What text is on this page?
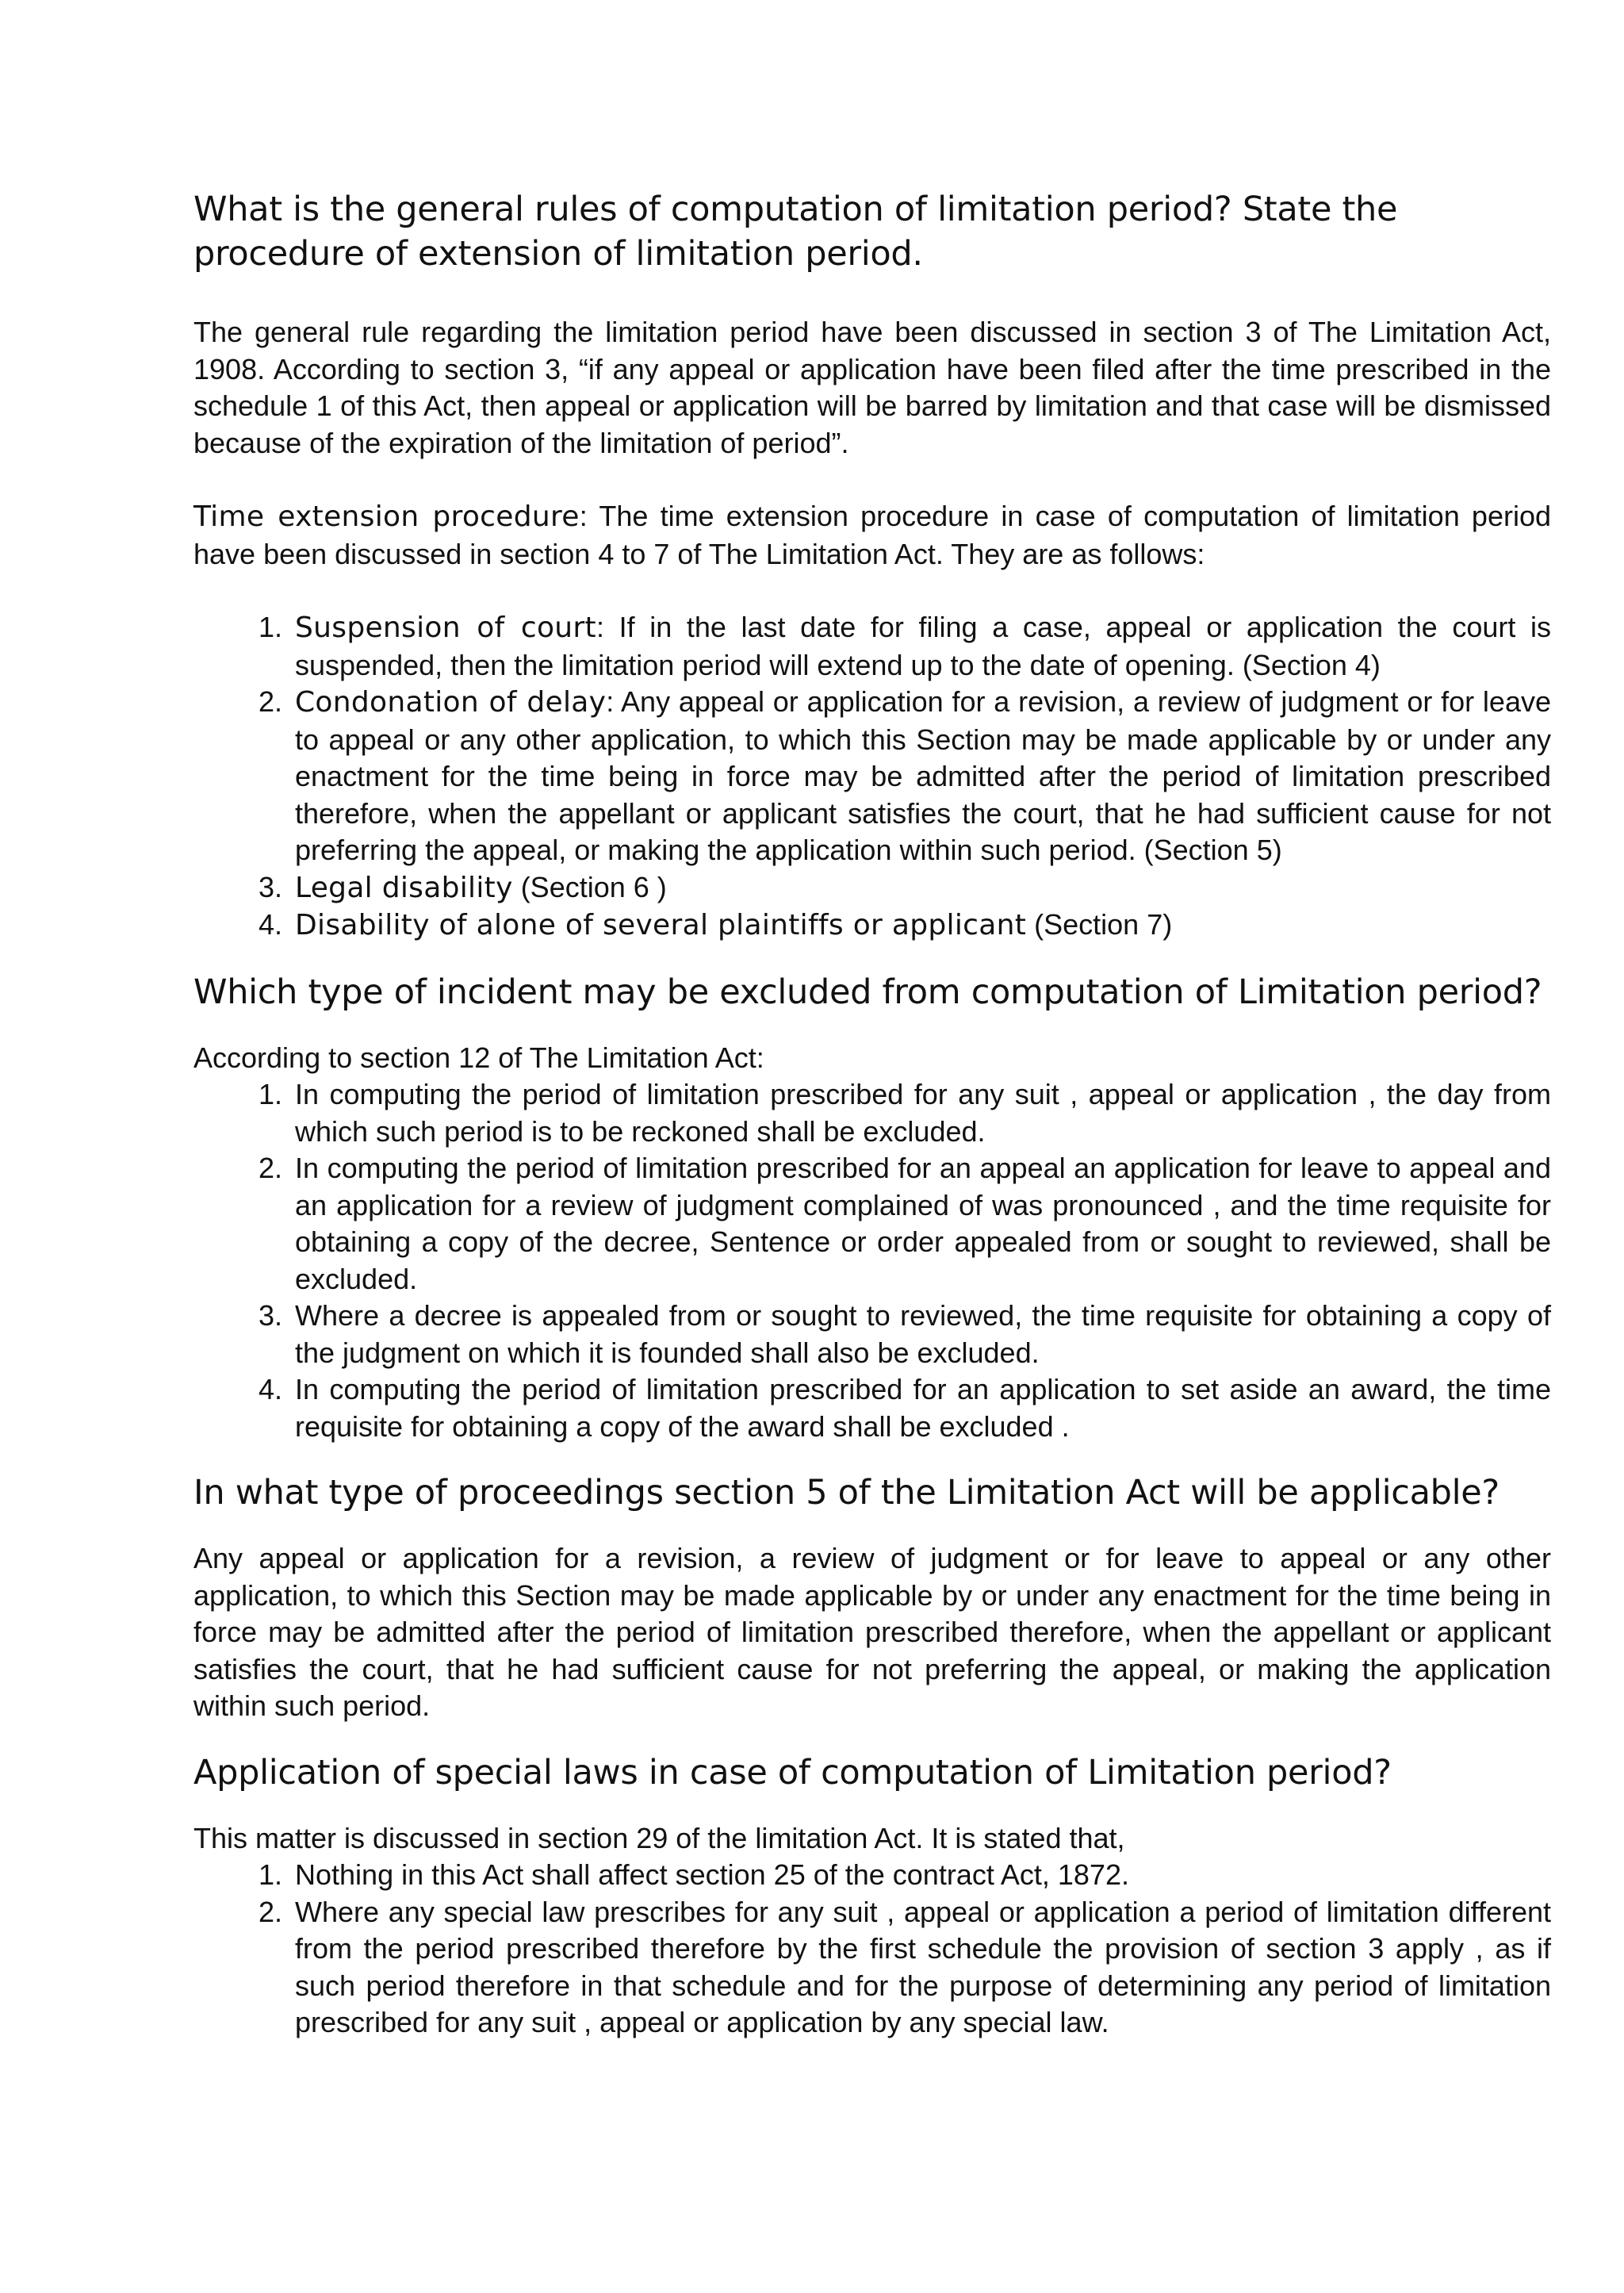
What is the general rules of computation of limitation period? State the procedure of extension of limitation period.

The general rule regarding the limitation period have been discussed in section 3 of The Limitation Act, 1908. According to section 3, “if any appeal or application have been filed after the time prescribed in the schedule 1 of this Act, then appeal or application will be barred by limitation and that case will be dismissed because of the expiration of the limitation of period”.

Time extension procedure: The time extension procedure in case of computation of limitation period have been discussed in section 4 to 7 of The Limitation Act. They are as follows:

1. Suspension of court: If in the last date for filing a case, appeal or application the court is suspended, then the limitation period will extend up to the date of opening. (Section 4)
2. Condonation of delay: Any appeal or application for a revision, a review of judgment or for leave to appeal or any other application, to which this Section may be made applicable by or under any enactment for the time being in force may be admitted after the period of limitation prescribed therefore, when the appellant or applicant satisfies the court, that he had sufficient cause for not preferring the appeal, or making the application within such period. (Section 5)
3. Legal disability (Section 6 )
4. Disability of alone of several plaintiffs or applicant (Section 7)
Which type of incident may be excluded from computation of Limitation period?

According to section 12 of The Limitation Act:

1. In computing the period of limitation prescribed for any suit , appeal or application , the day from which such period is to be reckoned shall be excluded.
2. In computing the period of limitation prescribed for an appeal an application for leave to appeal and an application for a review of judgment complained of was pronounced , and the time requisite for obtaining a copy of the decree, Sentence or order appealed from or sought to reviewed, shall be excluded.
3. Where a decree is appealed from or sought to reviewed, the time requisite for obtaining a copy of the judgment on which it is founded shall also be excluded.
4. In computing the period of limitation prescribed for an application to set aside an award, the time requisite for obtaining a copy of the award shall be excluded .
In what type of proceedings section 5 of the Limitation Act will be applicable?

Any appeal or application for a revision, a review of judgment or for leave to appeal or any other application, to which this Section may be made applicable by or under any enactment for the time being in force may be admitted after the period of limitation prescribed therefore, when the appellant or applicant satisfies the court, that he had sufficient cause for not preferring the appeal, or making the application within such period.

Application of special laws in case of computation of Limitation period?

This matter is discussed in section 29 of the limitation Act. It is stated that,

1. Nothing in this Act shall affect section 25 of the contract Act, 1872.
2. Where any special law prescribes for any suit , appeal or application a period of limitation different from the period prescribed therefore by the first schedule the provision of section 3 apply , as if such period therefore in that schedule and for the purpose of determining any period of limitation prescribed for any suit , appeal or application by any special law.
